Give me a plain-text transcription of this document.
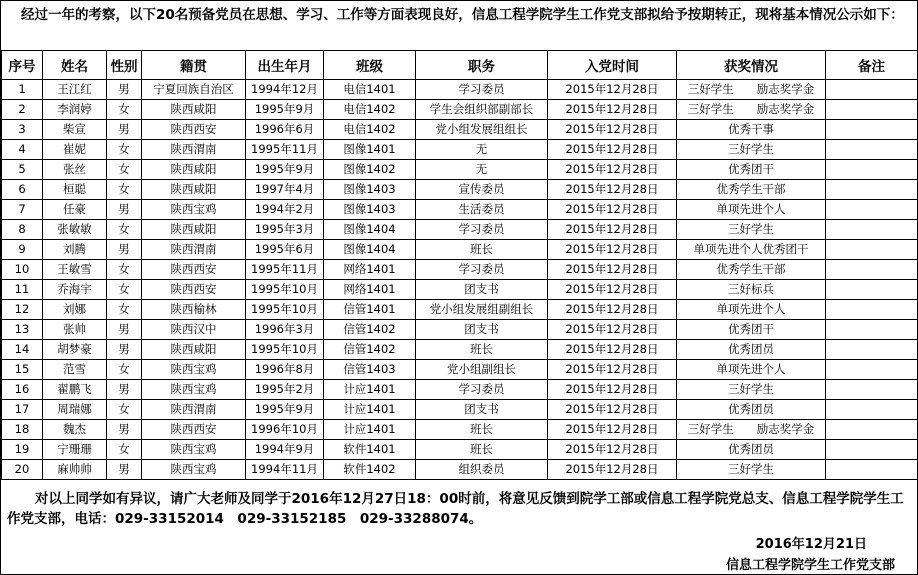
经过一年的考察，以下20名预备党员在思想、学习、工作等方面表现良好，信息工程学院学生工作党支部拟给予按期转正，现将基本情况公示如下：
序号	姓名	性别	籍贯	出生年月	班级	职务	入党时间	获奖情况	备注
1	王江红	男	宁夏回族自治区	1994年12月	电信1401	学习委员	2015年12月28日	三好学生　　励志奖学金	
2	李润婷	女	陕西咸阳	1995年9月	电信1402	学生会组织部副部长	2015年12月28日	三好学生　　励志奖学金	
3	柴宣	男	陕西西安	1996年6月	电信1402	党小组发展组组长	2015年12月28日	优秀干事	
4	崔妮	女	陕西渭南	1995年11月	图像1401	无	2015年12月28日	三好学生	
5	张丝	女	陕西咸阳	1995年9月	图像1402	无	2015年12月28日	优秀团干	
6	桓聪	女	陕西咸阳	1997年4月	图像1403	宣传委员	2015年12月28日	优秀学生干部	
7	任豪	男	陕西宝鸡	1994年2月	图像1403	生活委员	2015年12月28日	单项先进个人	
8	张敏敏	女	陕西咸阳	1995年3月	图像1404	学习委员	2015年12月28日	三好学生	
9	刘腾	男	陕西渭南	1995年6月	图像1404	班长	2015年12月28日	单项先进个人优秀团干	
10	王敏雪	女	陕西西安	1995年11月	网络1401	学习委员	2015年12月28日	优秀学生干部	
11	乔海宇	女	陕西西安	1995年10月	网络1401	团支书	2015年12月28日	三好标兵	
12	刘娜	女	陕西榆林	1995年10月	信管1401	党小组发展组副组长	2015年12月28日	单项先进个人	
13	张帅	男	陕西汉中	1996年3月	信管1402	团支书	2015年12月28日	优秀团干	
14	胡梦豪	男	陕西咸阳	1995年10月	信管1402	班长	2015年12月28日	优秀团员	
15	范雪	女	陕西宝鸡	1996年8月	信管1403	党小组副组长	2015年12月28日	单项先进个人	
16	翟鹏飞	男	陕西宝鸡	1995年2月	计应1401	学习委员	2015年12月28日	三好学生	
17	周瑞娜	女	陕西渭南	1995年9月	计应1401	团支书	2015年12月28日	优秀团员	
18	魏杰	男	陕西西安	1996年10月	计应1401	班长	2015年12月28日	三好学生　　励志奖学金	
19	宁珊珊	女	陕西宝鸡	1994年9月	软件1401	班长	2015年12月28日	优秀团员	
20	麻帅帅	男	陕西宝鸡	1994年11月	软件1402	组织委员	2015年12月28日	三好学生	
对以上同学如有异议，请广大老师及同学于2016年12月27日18：00时前，将意见反馈到院学工部或信息工程学院党总支、信息工程学院学生工作党支部，电话：029-33152014　029-33152185　029-33288074。
2016年12月21日
信息工程学院学生工作党支部
